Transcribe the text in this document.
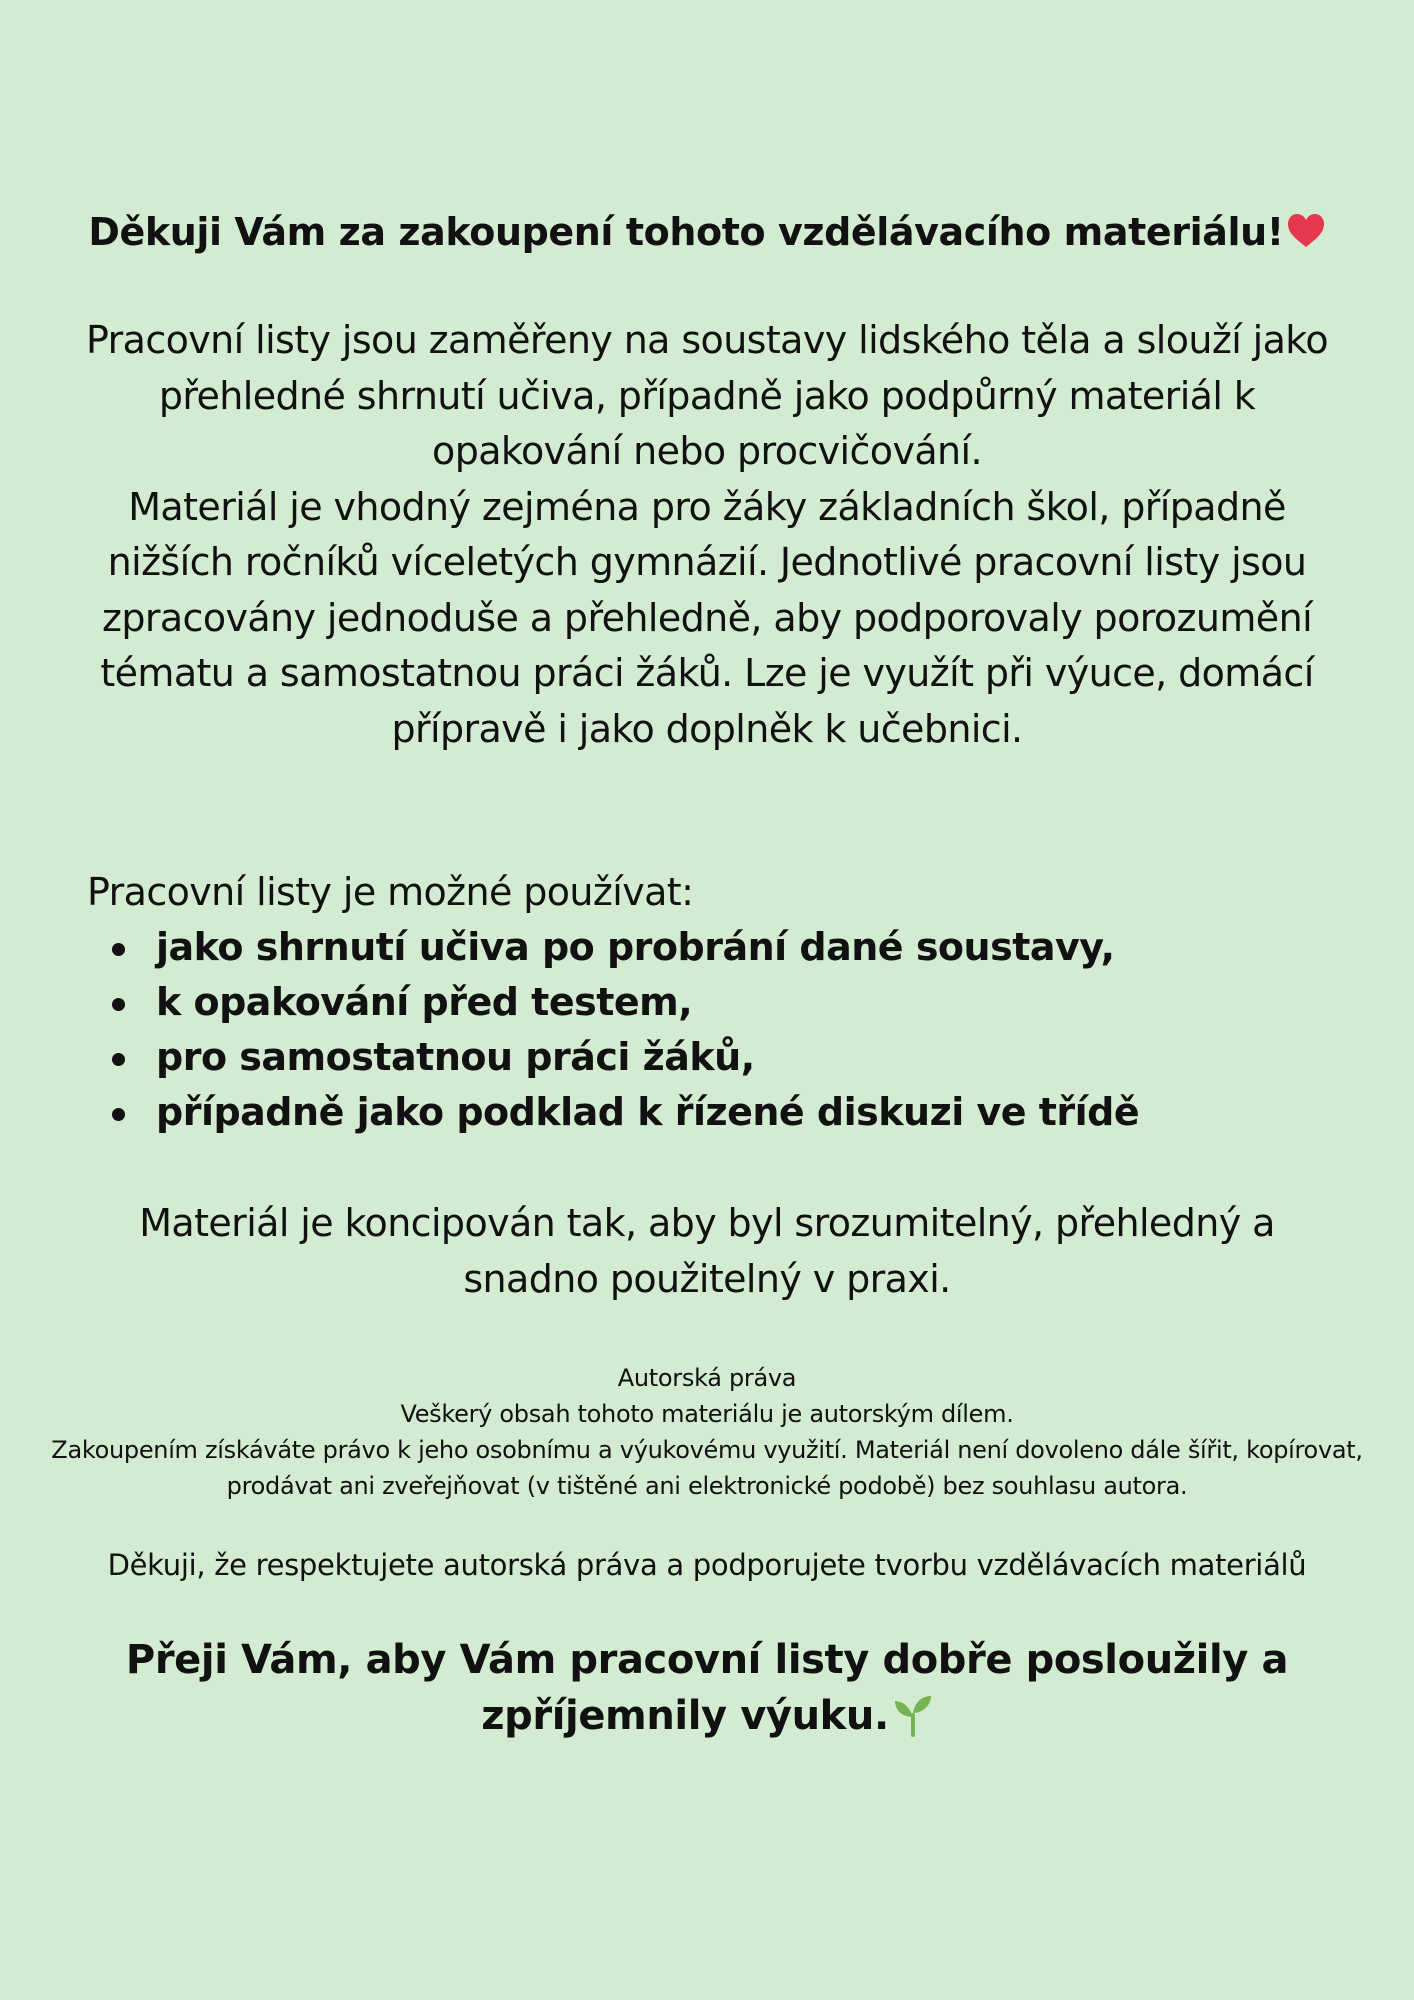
Děkuji Vám za zakoupení tohoto vzdělávacího materiálu!

Pracovní listy jsou zaměřeny na soustavy lidského těla a slouží jako přehledné shrnutí učiva, případně jako podpůrný materiál k opakování nebo procvičování.

Materiál je vhodný zejména pro žáky základních škol, případně nižších ročníků víceletých gymnázií. Jednotlivé pracovní listy jsou zpracovány jednoduše a přehledně, aby podporovaly porozumění tématu a samostatnou práci žáků. Lze je využít při výuce, domácí přípravě i jako doplněk k učebnici.

Pracovní listy je možné používat:
jako shrnutí učiva po probrání dané soustavy,
k opakování před testem,
pro samostatnou práci žáků,
případně jako podklad k řízené diskuzi ve třídě

Materiál je koncipován tak, aby byl srozumitelný, přehledný a snadno použitelný v praxi.

Autorská práva

Veškerý obsah tohoto materiálu je autorským dílem.

Zakoupením získáváte právo k jeho osobnímu a výukovému využití. Materiál není dovoleno dále šířit, kopírovat, prodávat ani zveřejňovat (v tištěné ani elektronické podobě) bez souhlasu autora.

Děkuji, že respektujete autorská práva a podporujete tvorbu vzdělávacích materiálů

Přeji Vám, aby Vám pracovní listy dobře posloužily a zpříjemnily výuku.
